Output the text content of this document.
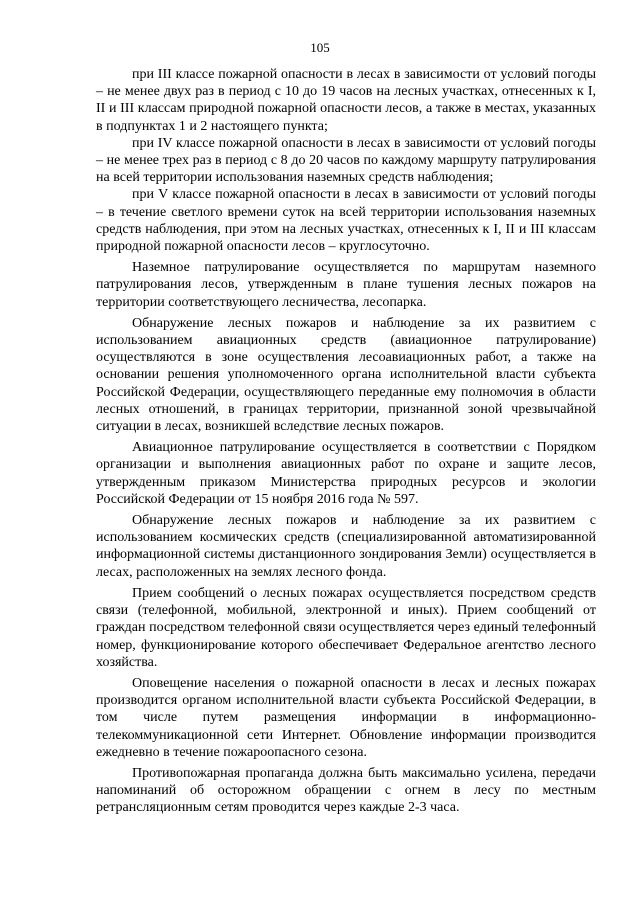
105

при III классе пожарной опасности в лесах в зависимости от условий погоды – не менее двух раз в период с 10 до 19 часов на лесных участках, отнесенных к I, II и III классам природной пожарной опасности лесов, а также в местах, указанных в подпунктах 1 и 2 настоящего пункта;

при IV классе пожарной опасности в лесах в зависимости от условий погоды – не менее трех раз в период с 8 до 20 часов по каждому маршруту патрулирования на всей территории использования наземных средств наблюдения;

при V классе пожарной опасности в лесах в зависимости от условий погоды – в течение светлого времени суток на всей территории использования наземных средств наблюдения, при этом на лесных участках, отнесенных к I, II и III классам природной пожарной опасности лесов – круглосуточно.

Наземное патрулирование осуществляется по маршрутам наземного патрулирования лесов, утвержденным в плане тушения лесных пожаров на территории соответствующего лесничества, лесопарка.

Обнаружение лесных пожаров и наблюдение за их развитием с использованием авиационных средств (авиационное патрулирование) осуществляются в зоне осуществления лесоавиационных работ, а также на основании решения уполномоченного органа исполнительной власти субъекта Российской Федерации, осуществляющего переданные ему полномочия в области лесных отношений, в границах территории, признанной зоной чрезвычайной ситуации в лесах, возникшей вследствие лесных пожаров.

Авиационное патрулирование осуществляется в соответствии с Порядком организации и выполнения авиационных работ по охране и защите лесов, утвержденным приказом Министерства природных ресурсов и экологии Российской Федерации от 15 ноября 2016 года № 597.

Обнаружение лесных пожаров и наблюдение за их развитием с использованием космических средств (специализированной автоматизированной информационной системы дистанционного зондирования Земли) осуществляется в лесах, расположенных на землях лесного фонда.

Прием сообщений о лесных пожарах осуществляется посредством средств связи (телефонной, мобильной, электронной и иных). Прием сообщений от граждан посредством телефонной связи осуществляется через единый телефонный номер, функционирование которого обеспечивает Федеральное агентство лесного хозяйства.

Оповещение населения о пожарной опасности в лесах и лесных пожарах производится органом исполнительной власти субъекта Российской Федерации, в том числе путем размещения информации в информационно-телекоммуникационной сети Интернет. Обновление информации производится ежедневно в течение пожароопасного сезона.

Противопожарная пропаганда должна быть максимально усилена, передачи напоминаний об осторожном обращении с огнем в лесу по местным ретрансляционным сетям проводится через каждые 2-3 часа.
